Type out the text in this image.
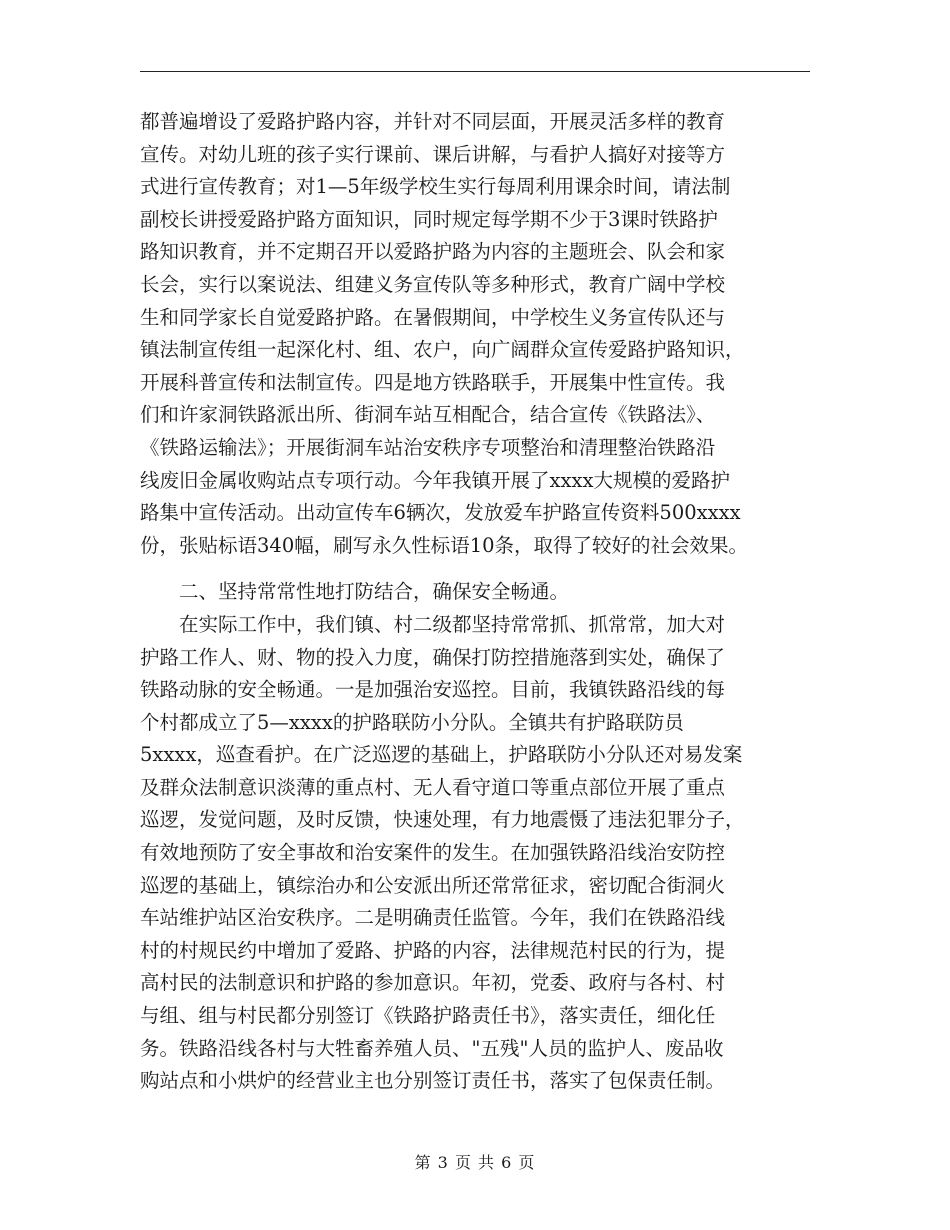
都普遍增设了爱路护路内容，并针对不同层面，开展灵活多样的教育
宣传。对幼儿班的孩子实行课前、课后讲解，与看护人搞好对接等方
式进行宣传教育；对1—5年级学校生实行每周利用课余时间，请法制
副校长讲授爱路护路方面知识，同时规定每学期不少于3课时铁路护
路知识教育，并不定期召开以爱路护路为内容的主题班会、队会和家
长会，实行以案说法、组建义务宣传队等多种形式，教育广阔中学校
生和同学家长自觉爱路护路。在暑假期间，中学校生义务宣传队还与
镇法制宣传组一起深化村、组、农户，向广阔群众宣传爱路护路知识，
开展科普宣传和法制宣传。四是地方铁路联手，开展集中性宣传。我
们和许家洞铁路派出所、街洞车站互相配合，结合宣传《铁路法》、
《铁路运输法》；开展街洞车站治安秩序专项整治和清理整治铁路沿
线废旧金属收购站点专项行动。今年我镇开展了xxxx大规模的爱路护
路集中宣传活动。出动宣传车6辆次，发放爱车护路宣传资料500xxxx
份，张贴标语340幅，刷写永久性标语10条，取得了较好的社会效果。
　　二、坚持常常性地打防结合，确保安全畅通。
　　在实际工作中，我们镇、村二级都坚持常常抓、抓常常，加大对
护路工作人、财、物的投入力度，确保打防控措施落到实处，确保了
铁路动脉的安全畅通。一是加强治安巡控。目前，我镇铁路沿线的每
个村都成立了5—xxxx的护路联防小分队。全镇共有护路联防员
5xxxx，巡查看护。在广泛巡逻的基础上，护路联防小分队还对易发案
及群众法制意识淡薄的重点村、无人看守道口等重点部位开展了重点
巡逻，发觉问题，及时反馈，快速处理，有力地震慑了违法犯罪分子，
有效地预防了安全事故和治安案件的发生。在加强铁路沿线治安防控
巡逻的基础上，镇综治办和公安派出所还常常征求，密切配合街洞火
车站维护站区治安秩序。二是明确责任监管。今年，我们在铁路沿线
村的村规民约中增加了爱路、护路的内容，法律规范村民的行为，提
高村民的法制意识和护路的参加意识。年初，党委、政府与各村、村
与组、组与村民都分别签订《铁路护路责任书》，落实责任，细化任
务。铁路沿线各村与大牲畜养殖人员、"五残"人员的监护人、废品收
购站点和小烘炉的经营业主也分别签订责任书，落实了包保责任制。
第 3 页 共 6 页
